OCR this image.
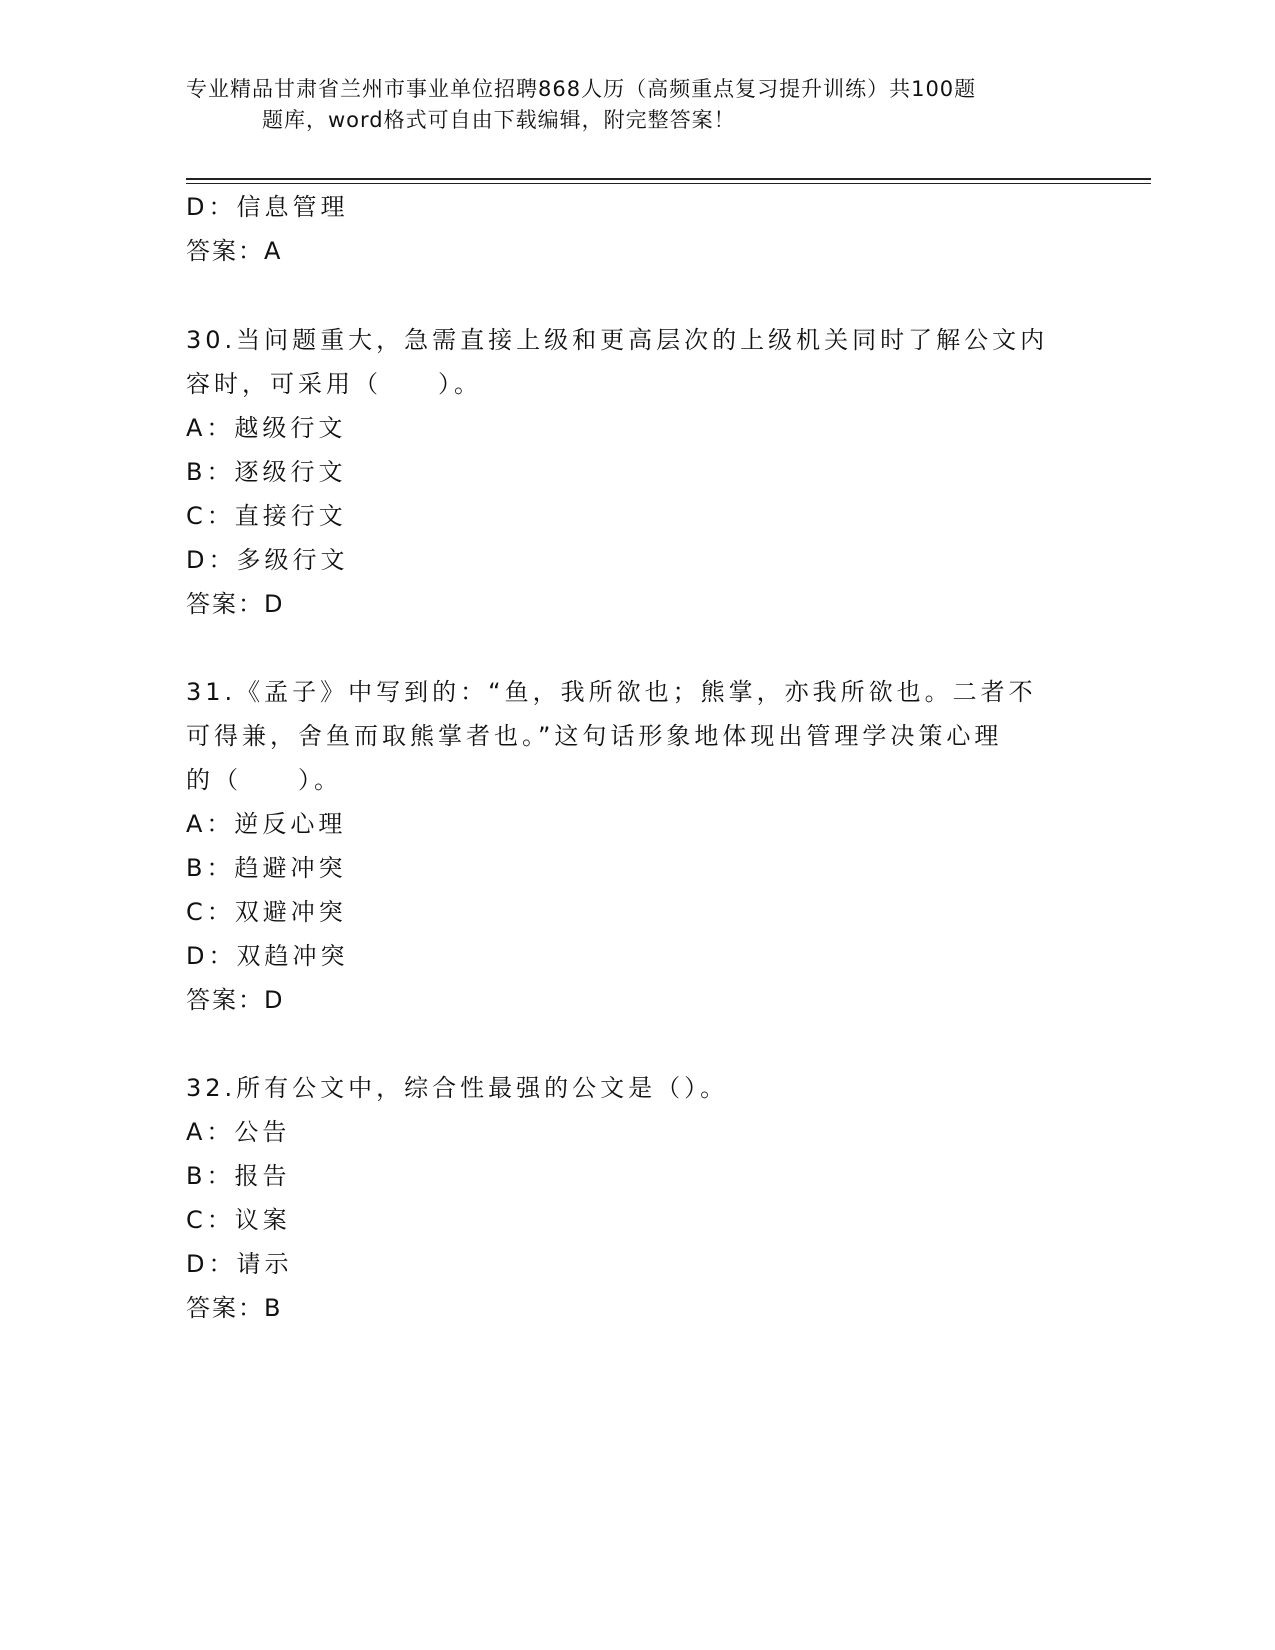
专业精品甘肃省兰州市事业单位招聘868人历（高频重点复习提升训练）共100题
题库，word格式可自由下载编辑，附完整答案！
D：信息管理
答案：A
30.当问题重大，急需直接上级和更高层次的上级机关同时了解公文内
容时，可采用（　　）。
A：越级行文
B：逐级行文
C：直接行文
D：多级行文
答案：D
31.《孟子》中写到的：“鱼，我所欲也；熊掌，亦我所欲也。二者不
可得兼，舍鱼而取熊掌者也。”这句话形象地体现出管理学决策心理
的（　　）。
A：逆反心理
B：趋避冲突
C：双避冲突
D：双趋冲突
答案：D
32.所有公文中，综合性最强的公文是（）。
A：公告
B：报告
C：议案
D：请示
答案：B
